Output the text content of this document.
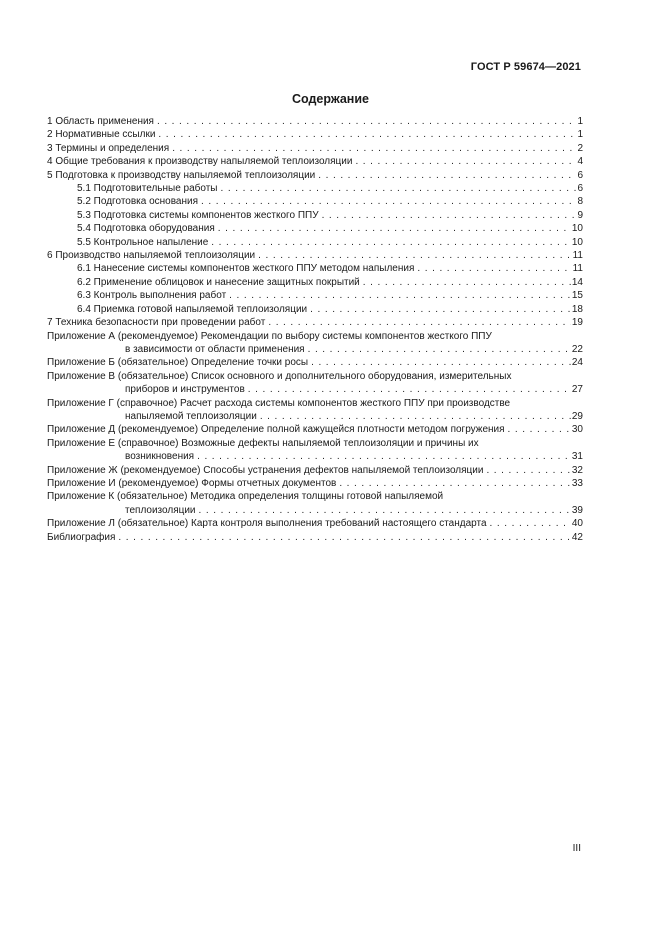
ГОСТ Р 59674—2021
Содержание
1 Область применения . . .	1
2 Нормативные ссылки . . .	1
3 Термины и определения . . .	2
4 Общие требования к производству напыляемой теплоизоляции . . .	4
5 Подготовка к производству напыляемой теплоизоляции . . .	6
5.1 Подготовительные работы . . .	6
5.2 Подготовка основания . . .	8
5.3 Подготовка системы компонентов жесткого ППУ . . .	9
5.4 Подготовка оборудования . . .	10
5.5 Контрольное напыление . . .	10
6 Производство напыляемой теплоизоляции . . .	11
6.1 Нанесение системы компонентов жесткого ППУ методом напыления . . .	11
6.2 Применение облицовок и нанесение защитных покрытий . . .	14
6.3 Контроль выполнения работ . . .	15
6.4 Приемка готовой напыляемой теплоизоляции . . .	18
7 Техника безопасности при проведении работ . . .	19
Приложение А (рекомендуемое) Рекомендации по выбору системы компонентов жесткого ППУ
в зависимости от области применения . . .	22
Приложение Б (обязательное) Определение точки росы . . .	24
Приложение В (обязательное) Список основного и дополнительного оборудования, измерительных
приборов и инструментов . . .	27
Приложение Г (справочное) Расчет расхода системы компонентов жесткого ППУ при производстве
напыляемой теплоизоляции . . .	29
Приложение Д (рекомендуемое) Определение полной кажущейся плотности методом погружения . . .	30
Приложение Е (справочное) Возможные дефекты напыляемой теплоизоляции и причины их
возникновения . . .	31
Приложение Ж (рекомендуемое) Способы устранения дефектов напыляемой теплоизоляции . . .	32
Приложение И (рекомендуемое) Формы отчетных документов . . .	33
Приложение К (обязательное) Методика определения толщины готовой напыляемой
теплоизоляции . . .	39
Приложение Л (обязательное) Карта контроля выполнения требований настоящего стандарта . . .	40
Библиография . . .	42
III
